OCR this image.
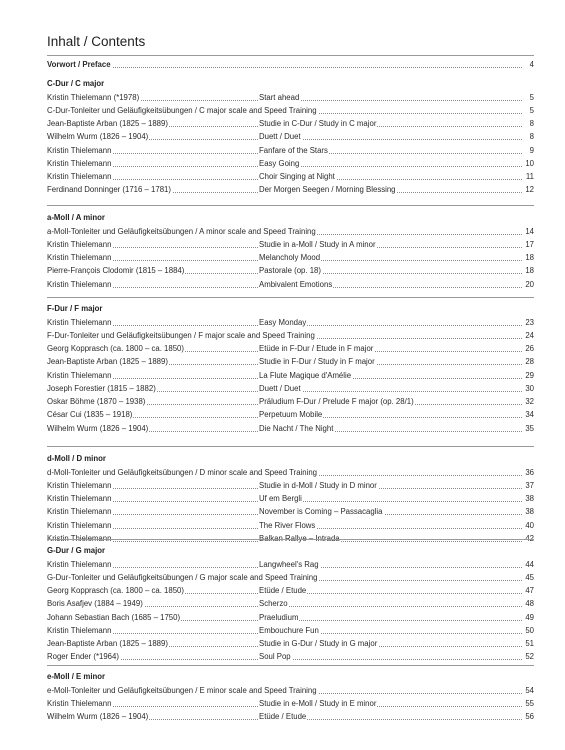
Inhalt / Contents
Vorwort / Preface	4
C-Dur / C major
Kristin Thielemann (*1978)	Start ahead	5
C-Dur-Tonleiter und Geläufigkeitsübungen / C major scale and Speed Training	5
Jean-Baptiste Arban (1825 – 1889)	Studie in C-Dur / Study in C major	8
Wilhelm Wurm (1826 – 1904)	Duett / Duet	8
Kristin Thielemann	Fanfare of the Stars	9
Kristin Thielemann	Easy Going	10
Kristin Thielemann	Choir Singing at Night	11
Ferdinand Donninger (1716 – 1781)	Der Morgen Seegen / Morning Blessing	12
a-Moll / A minor
a-Moll-Tonleiter und Geläufigkeitsübungen / A minor scale and Speed Training	14
Kristin Thielemann	Studie in a-Moll / Study in A minor	17
Kristin Thielemann	Melancholy Mood	18
Pierre-François Clodomir (1815 – 1884)	Pastorale (op. 18)	18
Kristin Thielemann	Ambivalent Emotions	20
F-Dur / F major
Kristin Thielemann	Easy Monday	23
F-Dur-Tonleiter und Geläufigkeitsübungen / F major scale and Speed Training	24
Georg Kopprasch (ca. 1800 – ca. 1850)	Etüde in F-Dur / Etude in F major	26
Jean-Baptiste Arban (1825 – 1889)	Studie in F-Dur / Study in F major	28
Kristin Thielemann	La Flute Magique d'Amélie	29
Joseph Forestier (1815 – 1882)	Duett / Duet	30
Oskar Böhme (1870 – 1938)	Präludium F-Dur / Prelude F major (op. 28/1)	32
César Cui (1835 – 1918)	Perpetuum Mobile	34
Wilhelm Wurm (1826 – 1904)	Die Nacht / The Night	35
d-Moll / D minor
d-Moll-Tonleiter und Geläufigkeitsübungen / D minor scale and Speed Training	36
Kristin Thielemann	Studie in d-Moll / Study in D minor	37
Kristin Thielemann	Uf em Bergli	38
Kristin Thielemann	November is Coming – Passacaglia	38
Kristin Thielemann	The River Flows	40
Kristin Thielemann	Balkan Rallye – Intrada	42
G-Dur / G major
Kristin Thielemann	Langwheel's Rag	44
G-Dur-Tonleiter und Geläufigkeitsübungen / G major scale and Speed Training	45
Georg Kopprasch (ca. 1800 – ca. 1850)	Etüde / Etude	47
Boris Asafjev (1884 – 1949)	Scherzo	48
Johann Sebastian Bach (1685 – 1750)	Praeludium	49
Kristin Thielemann	Embouchure Fun	50
Jean-Baptiste Arban (1825 – 1889)	Studie in G-Dur / Study in G major	51
Roger Ender (*1964)	Soul Pop	52
e-Moll / E minor
e-Moll-Tonleiter und Geläufigkeitsübungen / E minor scale and Speed Training	54
Kristin Thielemann	Studie in e-Moll / Study in E minor	55
Wilhelm Wurm (1826 – 1904)	Etüde / Etude	56
